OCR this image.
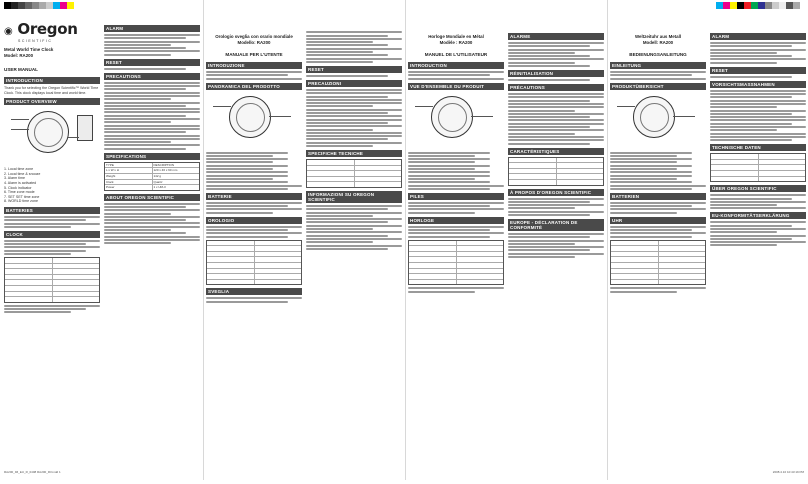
◉ Oregon
SCIENTIFIC
Metal World Time Clock
Model: RA200
USER MANUAL
INTRODUCTION
Thank you for selecting the Oregon Scientific™ World Time Clock. This clock displays local time and world time.
PRODUCT OVERVIEW
1. Local time zone
2. Local time & snooze
3. Alarm time
4. Alarm is activated
5. Clock indicator
6. Time zone mode
7. SET SET time zone
8. WORLD time zone
BATTERIES
CLOCK
ALARM
RESET
PRECAUTIONS
SPECIFICATIONS
TYPE	DESCRIPTION
L x W x H	120 x 46 x 90 mm
Weight	142 g
Clock	Quartz
Power	1 x UM-3
ABOUT OREGON SCIENTIFIC
RA200_IM_EU_R_0408 RA200_R3.indd 1
Orologio sveglia con orario mondiale
Modello: RA200
MANUALE PER L'UTENTE
INTRODUZIONE
PANORAMICA DEL PRODOTTO
BATTERIE
OROLOGIO
SVEGLIA
RESET
PRECAUZIONI
SPECIFICHE TECNICHE
INFORMAZIONI SU OREGON SCIENTIFIC
Horloge Mondiale en Métal
Modèle : RA200
MANUEL DE L'UTILISATEUR
INTRODUCTION
VUE D'ENSEMBLE DU PRODUIT
PILES
HORLOGE
ALARME
RÉINITIALISATION
PRÉCAUTIONS
CARACTÉRISTIQUES
À PROPOS D'OREGON SCIENTIFIC
EUROPE - DÉCLARATION DE CONFORMITÉ
Weltzeituhr aus Metall
Modell: RA200
BEDIENUNGSANLEITUNG
EINLEITUNG
PRODUKTÜBERSICHT
BATTERIEN
UHR
ALARM
RESET
VORSICHTSMASSNAHMEN
TECHNISCHE DATEN
ÜBER OREGON SCIENTIFIC
EU-KONFORMITÄTSERKLÄRUNG
2008.4.10 10:43:19 PM
